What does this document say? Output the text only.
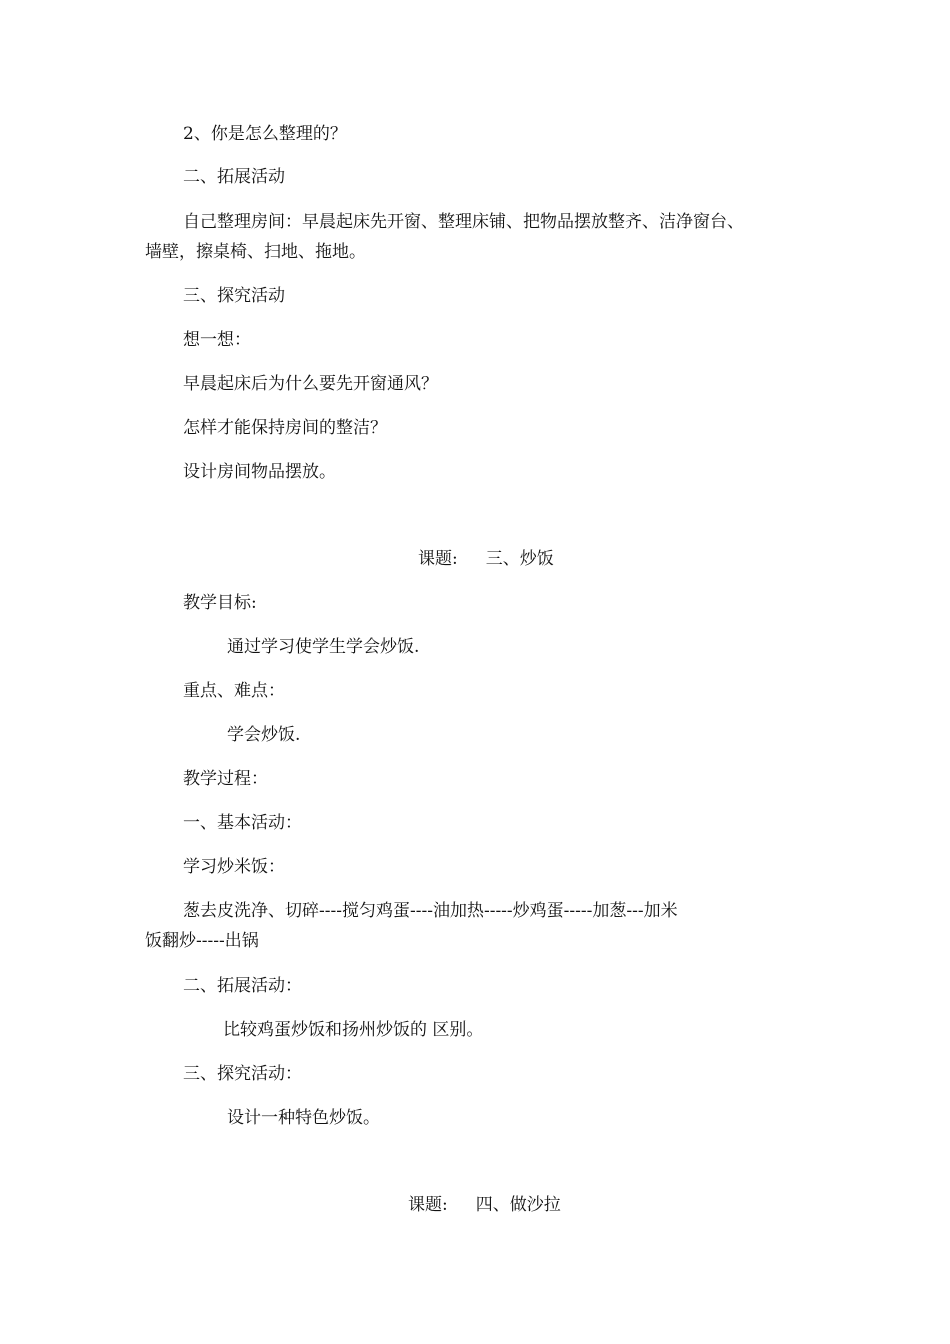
2、你是怎么整理的？
二、拓展活动
自己整理房间：早晨起床先开窗、整理床铺、把物品摆放整齐、洁净窗台、
墙壁，擦桌椅、扫地、拖地。
三、探究活动
想一想：
早晨起床后为什么要先开窗通风？
怎样才能保持房间的整洁？
设计房间物品摆放。
课题: 三、炒饭
教学目标:
通过学习使学生学会炒饭.
重点、难点：
学会炒饭.
教学过程：
一、基本活动：
学习炒米饭：
葱去皮洗净、切碎----搅匀鸡蛋----油加热-----炒鸡蛋-----加葱---加米
饭翻炒-----出锅
二、拓展活动：
比较鸡蛋炒饭和扬州炒饭的 区别。
三、探究活动：
设计一种特色炒饭。
课题: 四、做沙拉
